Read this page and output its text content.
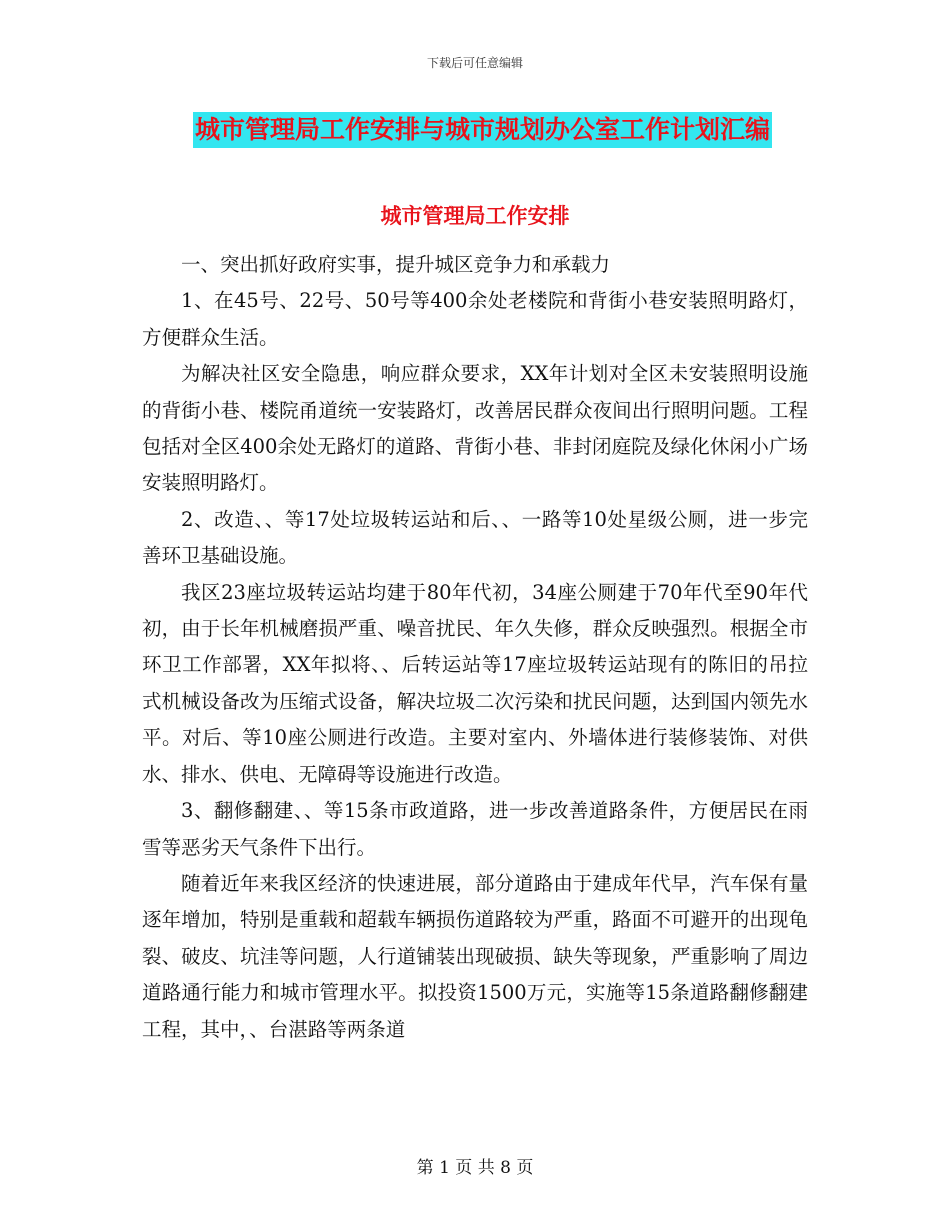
下载后可任意编辑
城市管理局工作安排与城市规划办公室工作计划汇编
城市管理局工作安排

一、突出抓好政府实事，提升城区竞争力和承载力

1、在45号、22号、50号等400余处老楼院和背街小巷安装照明路灯，方便群众生活。

为解决社区安全隐患，响应群众要求，XX年计划对全区未安装照明设施的背街小巷、楼院甬道统一安装路灯，改善居民群众夜间出行照明问题。工程包括对全区400余处无路灯的道路、背街小巷、非封闭庭院及绿化休闲小广场安装照明路灯。

2、改造、、等17处垃圾转运站和后、、一路等10处星级公厕，进一步完善环卫基础设施。

我区23座垃圾转运站均建于80年代初，34座公厕建于70年代至90年代初，由于长年机械磨损严重、噪音扰民、年久失修，群众反映强烈。根据全市环卫工作部署，XX年拟将、、后转运站等17座垃圾转运站现有的陈旧的吊拉式机械设备改为压缩式设备，解决垃圾二次污染和扰民问题，达到国内领先水平。对后、等10座公厕进行改造。主要对室内、外墙体进行装修装饰、对供水、排水、供电、无障碍等设施进行改造。

3、翻修翻建、、等15条市政道路，进一步改善道路条件，方便居民在雨雪等恶劣天气条件下出行。

随着近年来我区经济的快速进展，部分道路由于建成年代早，汽车保有量逐年增加，特别是重载和超载车辆损伤道路较为严重，路面不可避开的出现龟裂、破皮、坑洼等问题，人行道铺装出现破损、缺失等现象，严重影响了周边道路通行能力和城市管理水平。拟投资1500万元，实施等15条道路翻修翻建工程，其中，、台湛路等两条道

第 1 页 共 8 页
